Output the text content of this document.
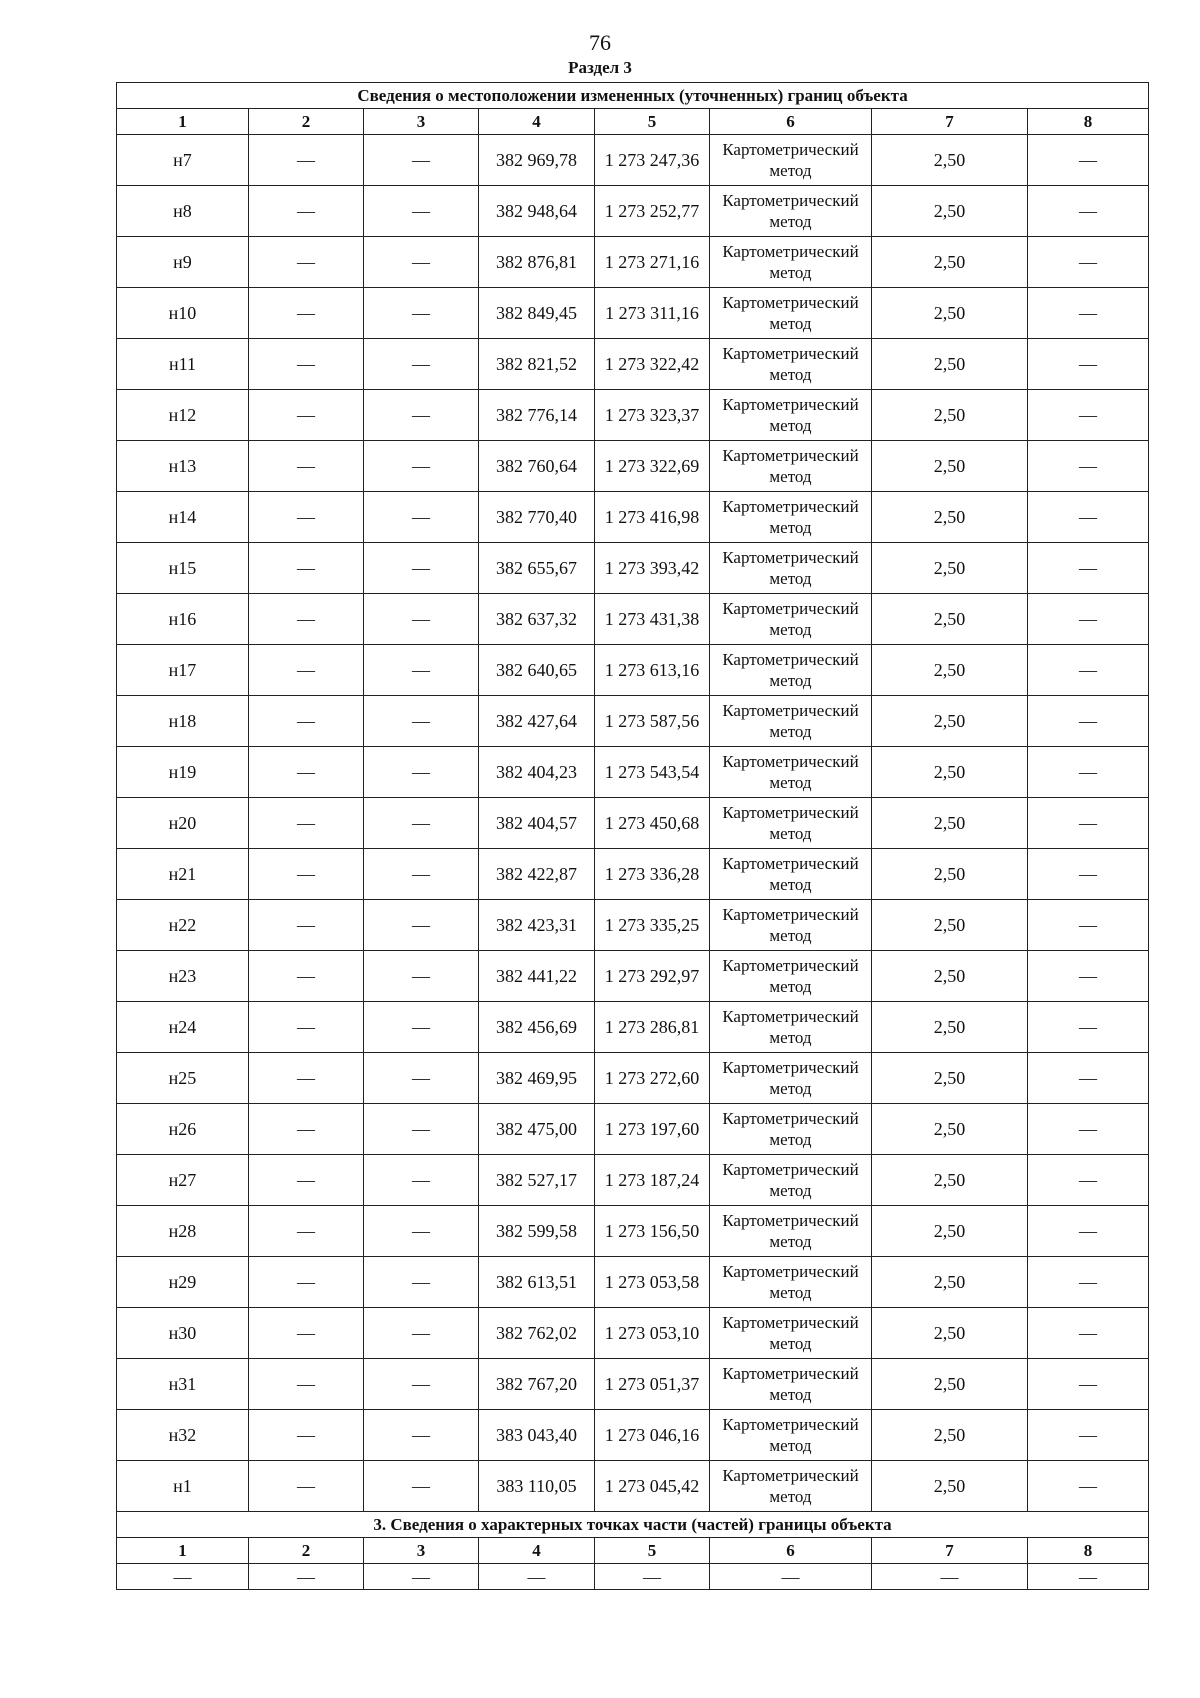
76
Раздел 3
Сведения о местоположении измененных (уточненных) границ объекта							
1	2	3	4	5	6	7	8
н7	—	—	382 969,78	1 273 247,36	Картометрический метод	2,50	—
н8	—	—	382 948,64	1 273 252,77	Картометрический метод	2,50	—
н9	—	—	382 876,81	1 273 271,16	Картометрический метод	2,50	—
н10	—	—	382 849,45	1 273 311,16	Картометрический метод	2,50	—
н11	—	—	382 821,52	1 273 322,42	Картометрический метод	2,50	—
н12	—	—	382 776,14	1 273 323,37	Картометрический метод	2,50	—
н13	—	—	382 760,64	1 273 322,69	Картометрический метод	2,50	—
н14	—	—	382 770,40	1 273 416,98	Картометрический метод	2,50	—
н15	—	—	382 655,67	1 273 393,42	Картометрический метод	2,50	—
н16	—	—	382 637,32	1 273 431,38	Картометрический метод	2,50	—
н17	—	—	382 640,65	1 273 613,16	Картометрический метод	2,50	—
н18	—	—	382 427,64	1 273 587,56	Картометрический метод	2,50	—
н19	—	—	382 404,23	1 273 543,54	Картометрический метод	2,50	—
н20	—	—	382 404,57	1 273 450,68	Картометрический метод	2,50	—
н21	—	—	382 422,87	1 273 336,28	Картометрический метод	2,50	—
н22	—	—	382 423,31	1 273 335,25	Картометрический метод	2,50	—
н23	—	—	382 441,22	1 273 292,97	Картометрический метод	2,50	—
н24	—	—	382 456,69	1 273 286,81	Картометрический метод	2,50	—
н25	—	—	382 469,95	1 273 272,60	Картометрический метод	2,50	—
н26	—	—	382 475,00	1 273 197,60	Картометрический метод	2,50	—
н27	—	—	382 527,17	1 273 187,24	Картометрический метод	2,50	—
н28	—	—	382 599,58	1 273 156,50	Картометрический метод	2,50	—
н29	—	—	382 613,51	1 273 053,58	Картометрический метод	2,50	—
н30	—	—	382 762,02	1 273 053,10	Картометрический метод	2,50	—
н31	—	—	382 767,20	1 273 051,37	Картометрический метод	2,50	—
н32	—	—	383 043,40	1 273 046,16	Картометрический метод	2,50	—
н1	—	—	383 110,05	1 273 045,42	Картометрический метод	2,50	—
3. Сведения о характерных точках части (частей) границы объекта							
1	2	3	4	5	6	7	8
—	—	—	—	—	—	—	—
